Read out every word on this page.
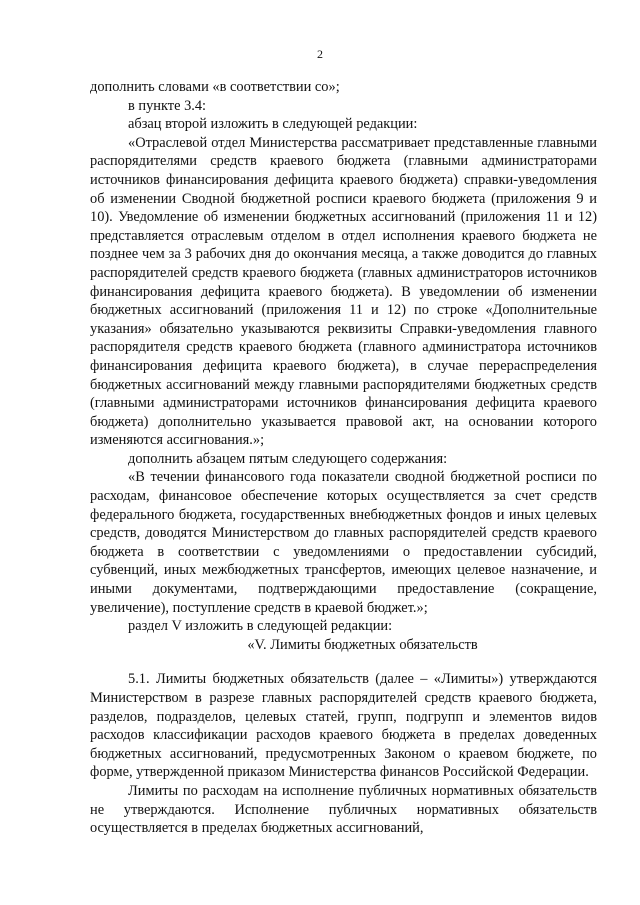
2

дополнить словами «в соответствии со»;

в пункте 3.4:

абзац второй изложить в следующей редакции:

«Отраслевой отдел Министерства рассматривает представленные главными распорядителями средств краевого бюджета (главными администраторами источников финансирования дефицита краевого бюджета) справки-уведомления об изменении Сводной бюджетной росписи краевого бюджета (приложения 9 и 10). Уведомление об изменении бюджетных ассигнований (приложения 11 и 12) представляется отраслевым отделом в отдел исполнения краевого бюджета не позднее чем за 3 рабочих дня до окончания месяца, а также доводится до главных распорядителей средств краевого бюджета (главных администраторов источников финансирования дефицита краевого бюджета). В уведомлении об изменении бюджетных ассигнований (приложения 11 и 12) по строке «Дополнительные указания» обязательно указываются реквизиты Справки-уведомления главного распорядителя средств краевого бюджета (главного администратора источников финансирования дефицита краевого бюджета), в случае перераспределения бюджетных ассигнований между главными распорядителями бюджетных средств (главными администраторами источников финансирования дефицита краевого бюджета) дополнительно указывается правовой акт, на основании которого изменяются ассигнования.»;

дополнить абзацем пятым следующего содержания:

«В течении финансового года показатели сводной бюджетной росписи по расходам, финансовое обеспечение которых осуществляется за счет средств федерального бюджета, государственных внебюджетных фондов и иных целевых средств, доводятся Министерством до главных распорядителей средств краевого бюджета в соответствии с уведомлениями о предоставлении субсидий, субвенций, иных межбюджетных трансфертов, имеющих целевое назначение, и иными документами, подтверждающими предоставление (сокращение, увеличение), поступление средств в краевой бюджет.»;

раздел V изложить в следующей редакции:

«V. Лимиты бюджетных обязательств

5.1. Лимиты бюджетных обязательств (далее – «Лимиты») утверждаются Министерством в разрезе главных распорядителей средств краевого бюджета, разделов, подразделов, целевых статей, групп, подгрупп и элементов видов расходов классификации расходов краевого бюджета в пределах доведенных бюджетных ассигнований, предусмотренных Законом о краевом бюджете, по форме, утвержденной приказом Министерства финансов Российской Федерации.

Лимиты по расходам на исполнение публичных нормативных обязательств не утверждаются. Исполнение публичных нормативных обязательств осуществляется в пределах бюджетных ассигнований,
